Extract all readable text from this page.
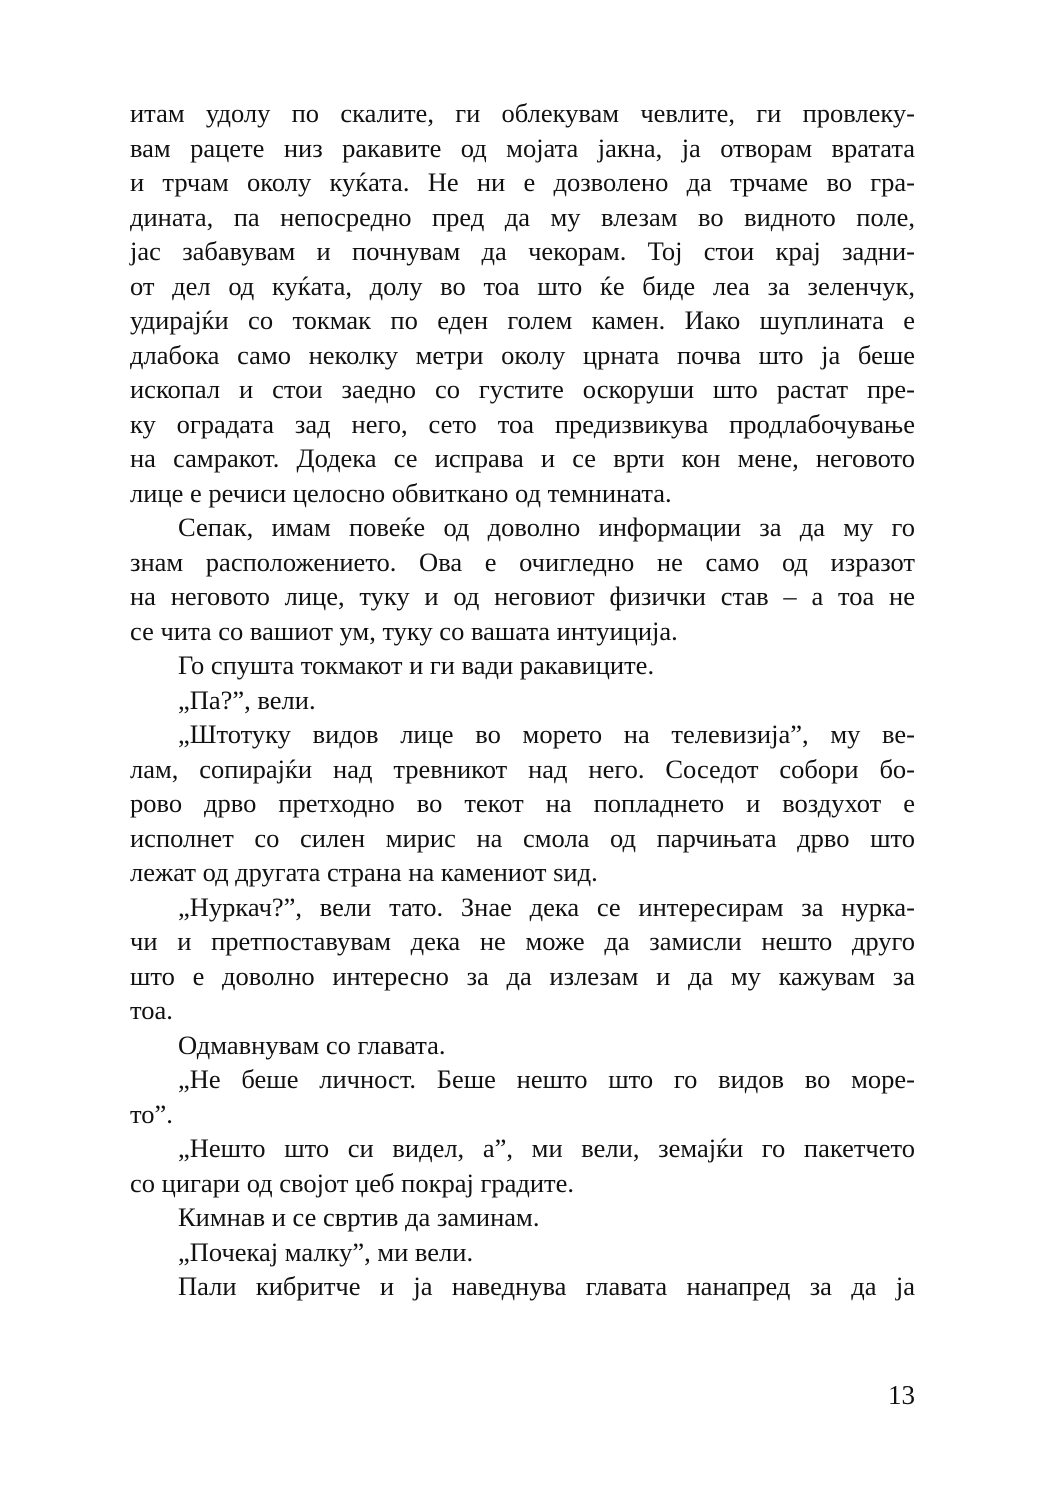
итам удолу по скалите, ги облекувам чевлите, ги провлеку-
вам рацете низ ракавите од мојата јакна, ја отворам вратата
и трчам околу куќата. Не ни е дозволено да трчаме во гра-
дината, па непосредно пред да му влезам во видното поле,
јас забавувам и почнувам да чекорам. Тој стои крај задни-
от дел од куќата, долу во тоа што ќе биде леа за зеленчук,
удирајќи со токмак по еден голем камен. Иако шуплината е
длабока само неколку метри околу црната почва што ја беше
ископал и стои заедно со густите оскоруши што растат пре-
ку оградата зад него, сето тоа предизвикува продлабочување
на самракот. Додека се исправа и се врти кон мене, неговото
лице е речиси целосно обвиткано од темнината.
Сепак, имам повеќе од доволно информации за да му го
знам расположението. Ова е очигледно не само од изразот
на неговото лице, туку и од неговиот физички став – а тоа не
се чита со вашиот ум, туку со вашата интуиција.
Го спушта токмакот и ги вади ракавиците.
„Па?”, вели.
„Штотуку видов лице во морето на телевизија”, му ве-
лам, сопирајќи над тревникот над него. Соседот собори бо-
рово дрво претходно во текот на попладнето и воздухот е
исполнет со силен мирис на смола од парчињата дрво што
лежат од другата страна на камениот ѕид.
„Нуркач?”, вели тато. Знае дека се интересирам за нурка-
чи и претпоставувам дека не може да замисли нешто друго
што е доволно интересно за да излезам и да му кажувам за
тоа.
Одмавнувам со главата.
„Не беше личност. Беше нешто што го видов во море-
то”.
„Нешто што си видел, а”, ми вели, земајќи го пакетчето
со цигари од својот џеб покрај градите.
Кимнав и се свртив да заминам.
„Почекај малку”, ми вели.
Пали кибритче и ја наведнува главата нанапред за да ја
13
